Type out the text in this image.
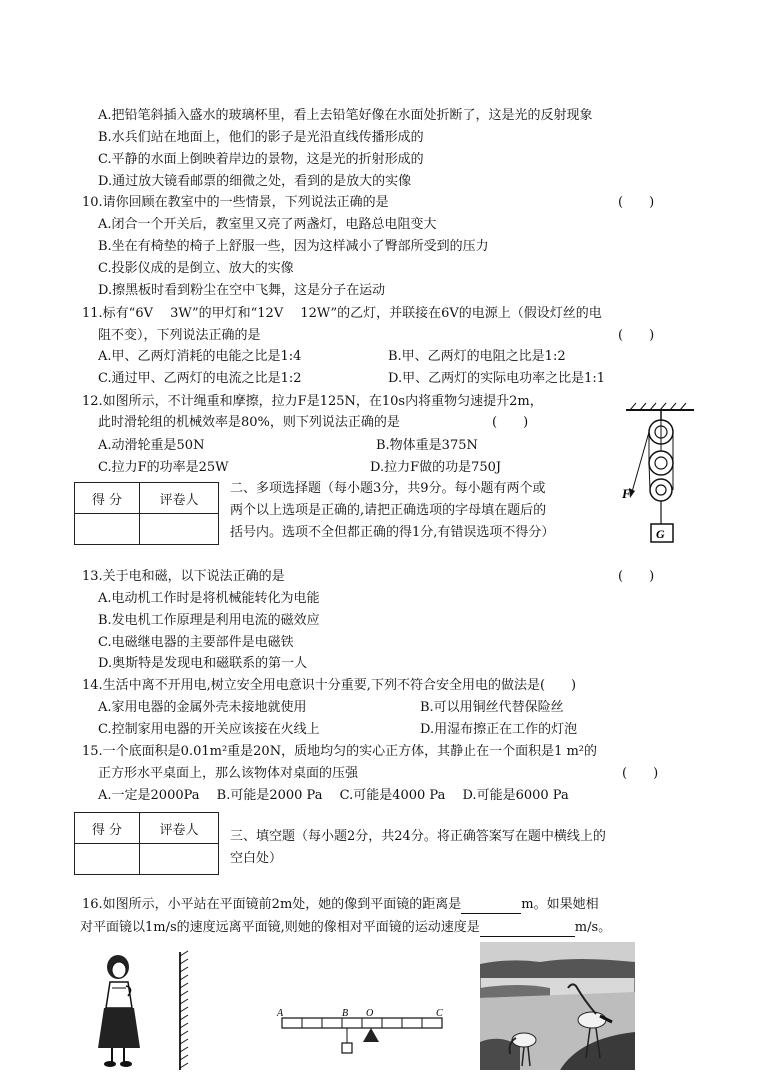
A.把铅笔斜插入盛水的玻璃杯里，看上去铅笔好像在水面处折断了，这是光的反射现象
B.水兵们站在地面上，他们的影子是光沿直线传播形成的
C.平静的水面上倒映着岸边的景物，这是光的折射形成的
D.通过放大镜看邮票的细微之处，看到的是放大的实像
10.请你回顾在教室中的一些情景，下列说法正确的是	(　　)
A.闭合一个开关后，教室里又亮了两盏灯，电路总电阻变大
B.坐在有椅垫的椅子上舒服一些，因为这样减小了臀部所受到的压力
C.投影仪成的是倒立、放大的实像
D.擦黑板时看到粉尘在空中飞舞，这是分子在运动
11.标有“6V　 3W”的甲灯和“12V　 12W”的乙灯，并联接在6V的电源上（假设灯丝的电
阻不变），下列说法正确的是	(　　)
A.甲、乙两灯消耗的电能之比是1:4	B.甲、乙两灯的电阻之比是1:2
C.通过甲、乙两灯的电流之比是1:2	D.甲、乙两灯的实际电功率之比是1:1
12.如图所示，不计绳重和摩擦，拉力F是125N，在10s内将重物匀速提升2m，
此时滑轮组的机械效率是80%，则下列说法正确的是	(　　)
A.动滑轮重是50N	B.物体重是375N
C.拉力F的功率是25W	D.拉力F做的功是750J
F
G
得 分	评卷人

二、多项选择题（每小题3分，共9分。每小题有两个或
两个以上选项是正确的,请把正确选项的字母填在题后的
括号内。选项不全但都正确的得1分,有错误选项不得分）
13.关于电和磁，以下说法正确的是	(　　)
A.电动机工作时是将机械能转化为电能
B.发电机工作原理是利用电流的磁效应
C.电磁继电器的主要部件是电磁铁
D.奥斯特是发现电和磁联系的第一人
14.生活中离不开用电,树立安全用电意识十分重要,下列不符合安全用电的做法是(　　)
A.家用电器的金属外壳未接地就使用	B.可以用铜丝代替保险丝
C.控制家用电器的开关应该接在火线上	D.用湿布擦正在工作的灯泡
15.一个底面积是0.01m²重是20N，质地均匀的实心正方体，其静止在一个面积是1 m²的
正方形水平桌面上，那么该物体对桌面的压强	(　　)
A.一定是2000Pa　 B.可能是2000 Pa　 C.可能是4000 Pa　 D.可能是6000 Pa
得 分	评卷人
	三、填空题（每小题2分，共24分。将正确答案写在题中横线上的
空白处）
16.如图所示，小平站在平面镜前2m处，她的像到平面镜的距离是	m。如果她相
对平面镜以1m/s的速度远离平面镜,则她的像相对平面镜的运动速度是	m/s。
A	B O	C
